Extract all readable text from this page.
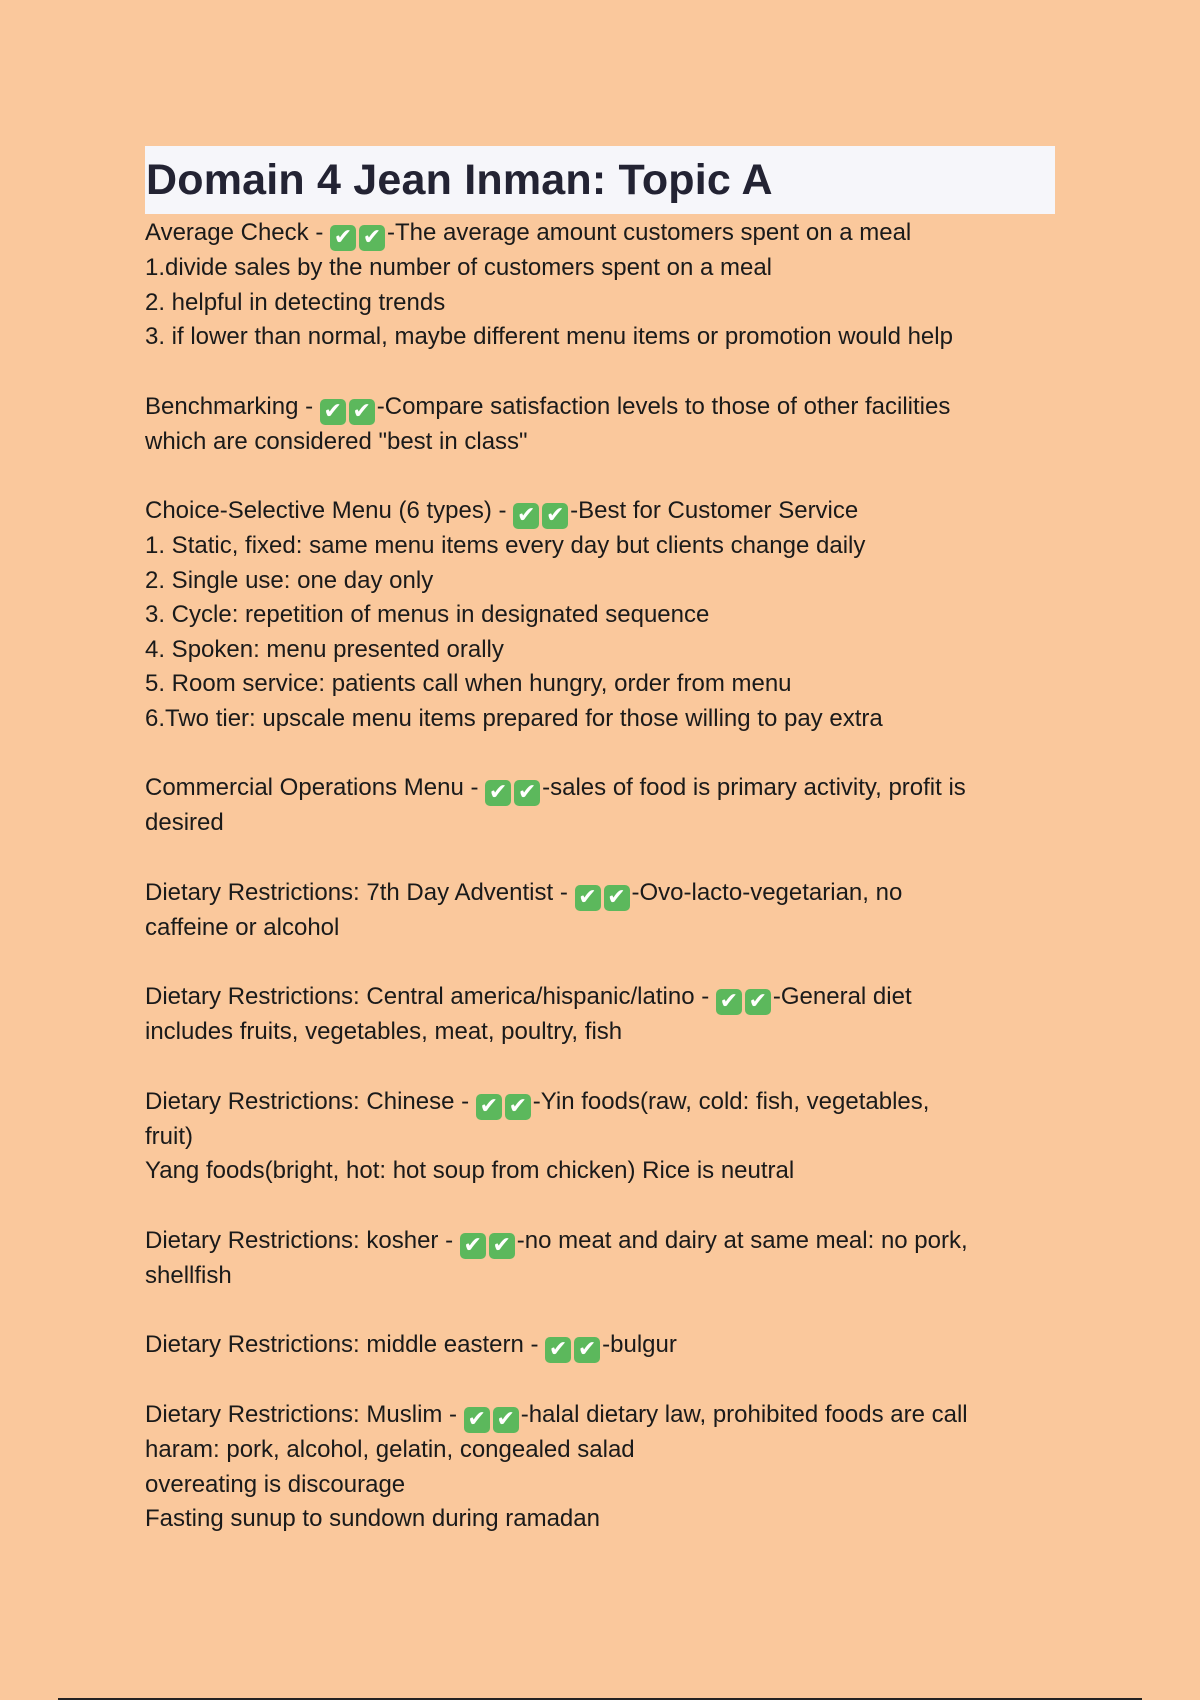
Domain 4 Jean Inman: Topic A
Average Check - ✔ ✔ -The average amount customers spent on a meal
1.divide sales by the number of customers spent on a meal
2. helpful in detecting trends
3. if lower than normal, maybe different menu items or promotion would help
Benchmarking - ✔ ✔ -Compare satisfaction levels to those of other facilities
which are considered "best in class"
Choice-Selective Menu (6 types) - ✔ ✔ -Best for Customer Service
1. Static, fixed: same menu items every day but clients change daily
2. Single use: one day only
3. Cycle: repetition of menus in designated sequence
4. Spoken: menu presented orally
5. Room service: patients call when hungry, order from menu
6.Two tier: upscale menu items prepared for those willing to pay extra
Commercial Operations Menu - ✔ ✔ -sales of food is primary activity, profit is
desired
Dietary Restrictions: 7th Day Adventist - ✔ ✔ -Ovo-lacto-vegetarian, no
caffeine or alcohol
Dietary Restrictions: Central america/hispanic/latino - ✔ ✔ -General diet
includes fruits, vegetables, meat, poultry, fish
Dietary Restrictions: Chinese - ✔ ✔ -Yin foods(raw, cold: fish, vegetables,
fruit)
Yang foods(bright, hot: hot soup from chicken) Rice is neutral
Dietary Restrictions: kosher - ✔ ✔ -no meat and dairy at same meal: no pork,
shellfish
Dietary Restrictions: middle eastern - ✔ ✔ -bulgur
Dietary Restrictions: Muslim - ✔ ✔ -halal dietary law, prohibited foods are call
haram: pork, alcohol, gelatin, congealed salad
overeating is discourage
Fasting sunup to sundown during ramadan
